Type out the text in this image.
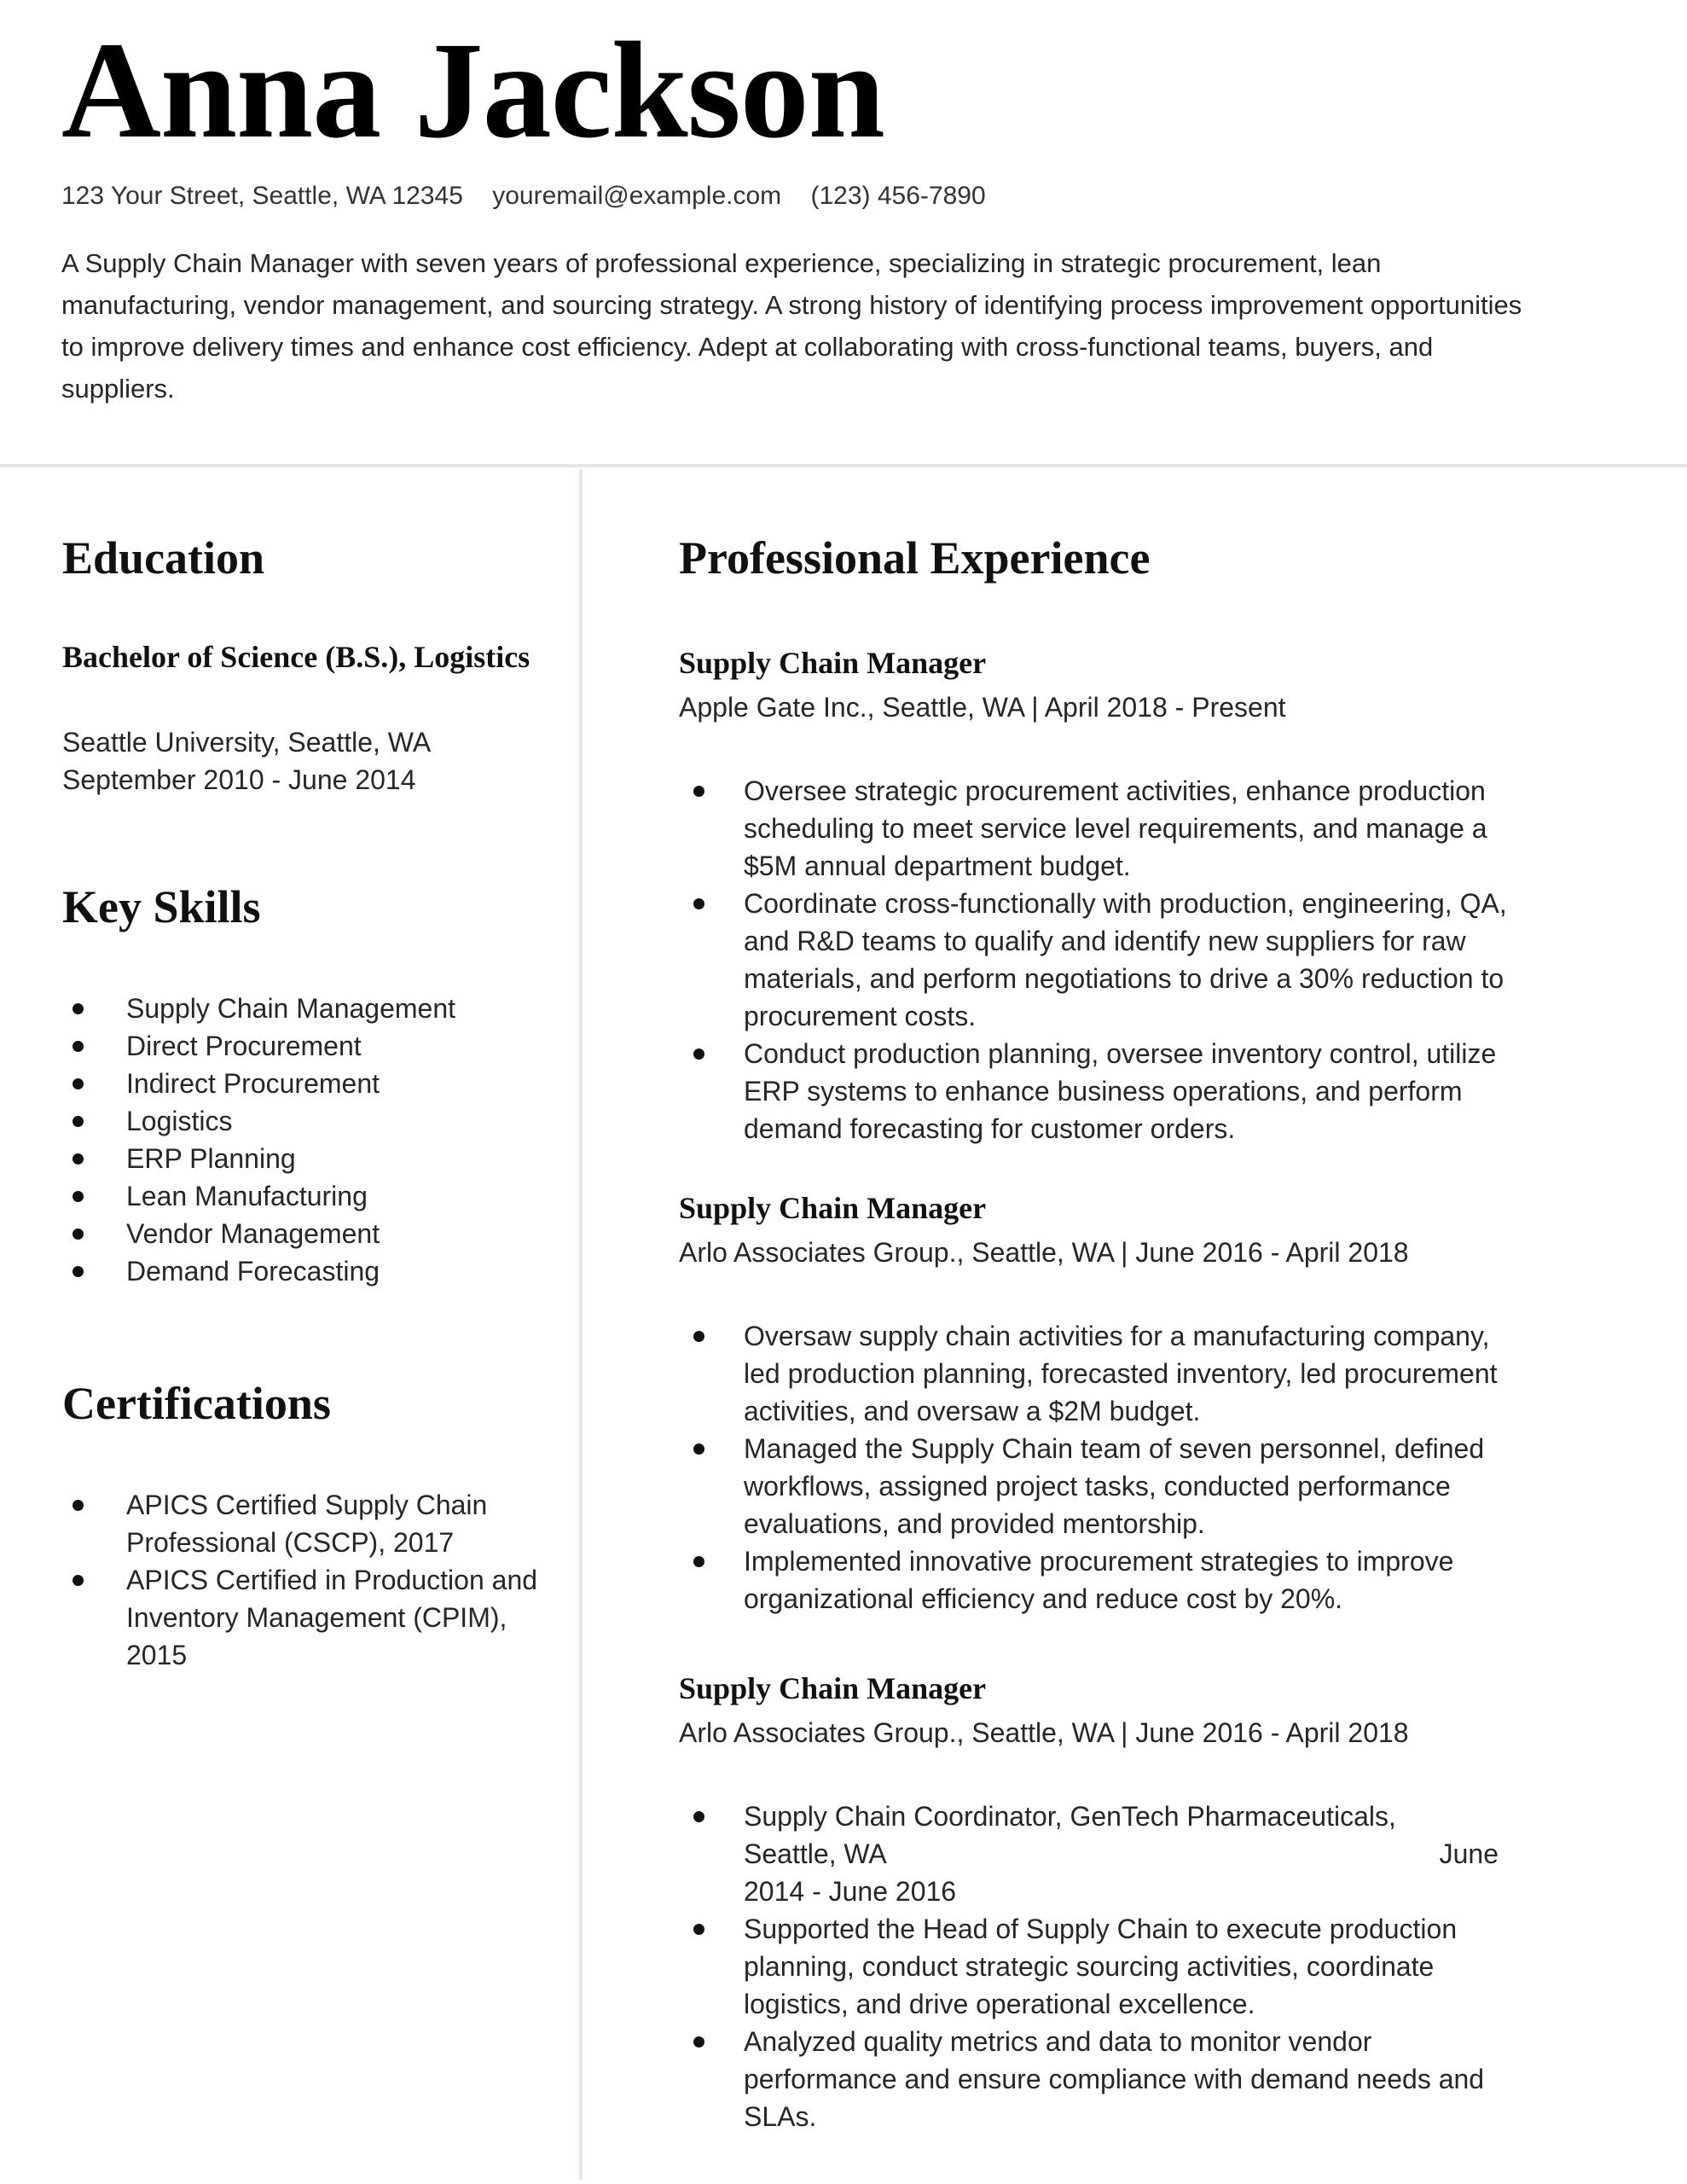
Anna Jackson
123 Your Street, Seattle, WA 12345 youremail@example.com (123) 456-7890
A Supply Chain Manager with seven years of professional experience, specializing in strategic procurement, lean manufacturing, vendor management, and sourcing strategy. A strong history of identifying process improvement opportunities to improve delivery times and enhance cost efficiency. Adept at collaborating with cross-functional teams, buyers, and suppliers.
Education
Bachelor of Science (B.S.), Logistics
Seattle University, Seattle, WA
September 2010 - June 2014
Key Skills
Supply Chain Management
Direct Procurement
Indirect Procurement
Logistics
ERP Planning
Lean Manufacturing
Vendor Management
Demand Forecasting
Certifications
APICS Certified Supply Chain Professional (CSCP), 2017
APICS Certified in Production and Inventory Management (CPIM), 2015
Professional Experience
Supply Chain Manager
Apple Gate Inc., Seattle, WA | April 2018 - Present
Oversee strategic procurement activities, enhance production scheduling to meet service level requirements, and manage a $5M annual department budget.
Coordinate cross-functionally with production, engineering, QA, and R&D teams to qualify and identify new suppliers for raw materials, and perform negotiations to drive a 30% reduction to procurement costs.
Conduct production planning, oversee inventory control, utilize ERP systems to enhance business operations, and perform demand forecasting for customer orders.
Supply Chain Manager
Arlo Associates Group., Seattle, WA | June 2016 - April 2018
Oversaw supply chain activities for a manufacturing company, led production planning, forecasted inventory, led procurement activities, and oversaw a $2M budget.
Managed the Supply Chain team of seven personnel, defined workflows, assigned project tasks, conducted performance evaluations, and provided mentorship.
Implemented innovative procurement strategies to improve organizational efficiency and reduce cost by 20%.
Supply Chain Manager
Arlo Associates Group., Seattle, WA | June 2016 - April 2018
Supply Chain Coordinator, GenTech Pharmaceuticals,
Seattle, WA	June
2014 - June 2016
Supported the Head of Supply Chain to execute production planning, conduct strategic sourcing activities, coordinate logistics, and drive operational excellence.
Analyzed quality metrics and data to monitor vendor performance and ensure compliance with demand needs and SLAs.
